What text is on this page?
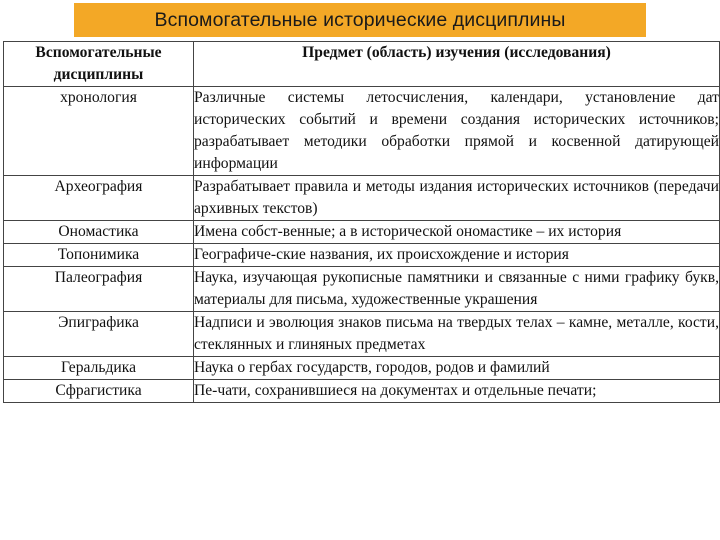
Вспомогательные исторические дисциплины
Вспомогательные дисциплины	Предмет (область) изучения (исследования)
хронология	Различные системы летосчисления, календари, установление дат исторических событий и времени создания исторических источников; разрабатывает методики обработки прямой и косвенной датирующей информации
Археография	Разрабатывает правила и методы издания исторических источников (передачи архивных текстов)
Ономастика	Имена собст-венные; а в исторической ономастике – их история
Топонимика	Географиче-ские названия, их происхождение и история
Палеография	Наука, изучающая рукописные памятники и связанные с ними графику букв, материалы для письма, художественные украшения
Эпиграфика	Надписи и эволюция знаков письма на твердых телах – камне, металле, кости, стеклянных и глиняных предметах
Геральдика	Наука о гербах государств, городов, родов и фамилий
Сфрагистика	Пе-чати, сохранившиеся на документах и отдельные печати;
